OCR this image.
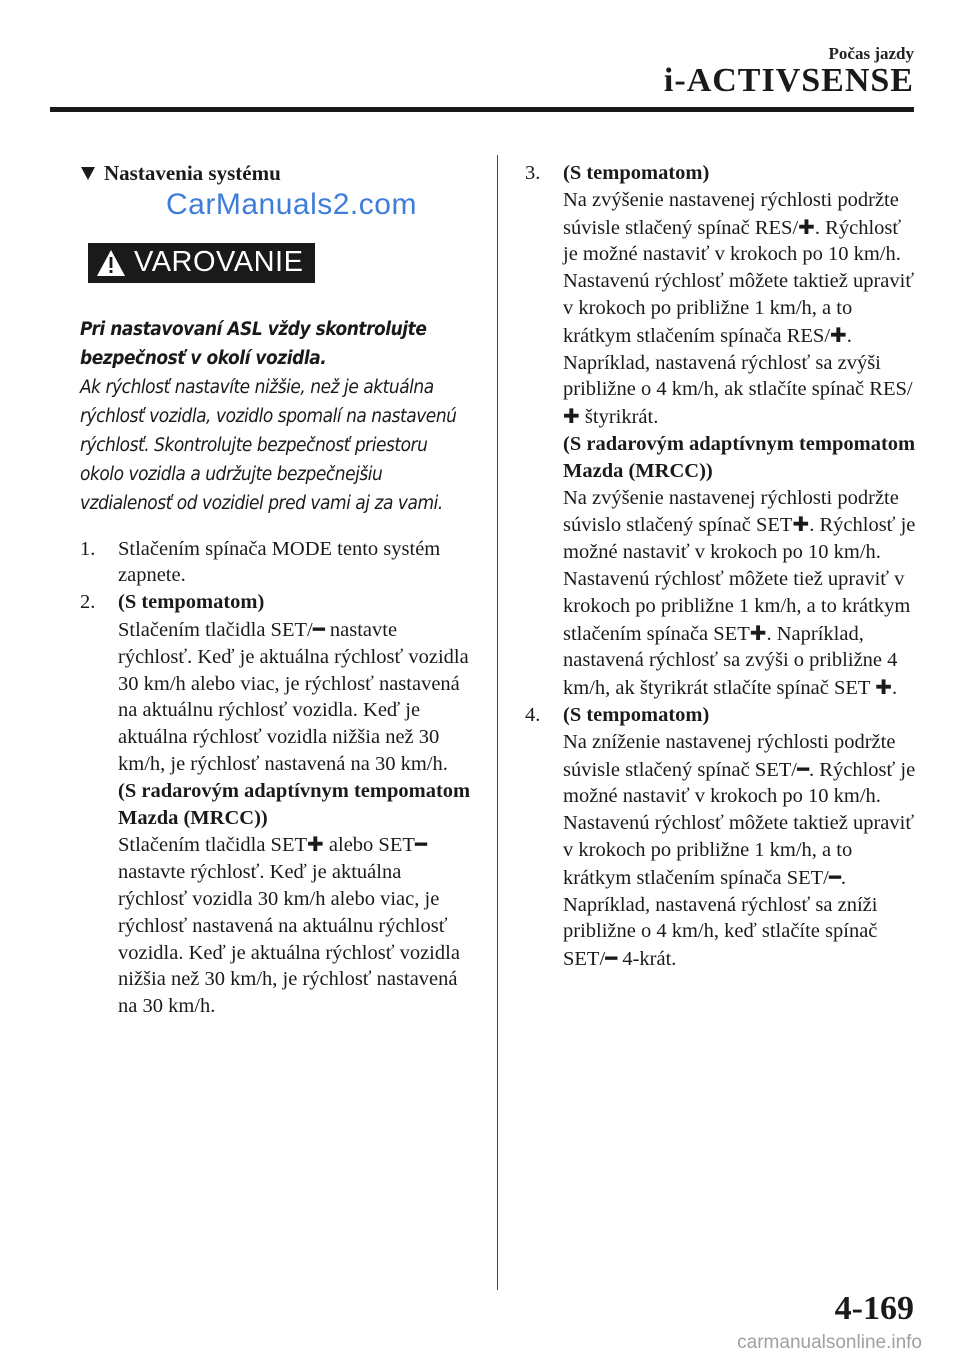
Počas jazdy
i-ACTIVSENSE
CarManuals2.com
Nastavenia systému
VAROVANIE

Pri nastavovaní ASL vždy skontrolujte bezpečnosť v okolí vozidla.

Ak rýchlosť nastavíte nižšie, než je aktuálna rýchlosť vozidla, vozidlo spomalí na nastavenú rýchlosť. Skontrolujte bezpečnosť priestoru okolo vozidla a udržujte bezpečnejšiu vzdialenosť od vozidiel pred vami aj za vami.

1.	Stlačením spínača MODE tento systém zapnete.
2.	(S tempomatom)

Stlačením tlačidla SET/━ nastavte rýchlosť. Keď je aktuálna rýchlosť vozidla 30 km/h alebo viac, je rýchlosť nastavená na aktuálnu rýchlosť vozidla. Keď je aktuálna rýchlosť vozidla nižšia než 30 km/h, je rýchlosť nastavená na 30 km/h.

(S radarovým adaptívnym tempomatom Mazda (MRCC))

Stlačením tlačidla SET✚ alebo SET━ nastavte rýchlosť. Keď je aktuálna rýchlosť vozidla 30 km/h alebo viac, je rýchlosť nastavená na aktuálnu rýchlosť vozidla. Keď je aktuálna rýchlosť vozidla nižšia než 30 km/h, je rýchlosť nastavená na 30 km/h.

3.	(S tempomatom)

Na zvýšenie nastavenej rýchlosti podržte súvisle stlačený spínač RES/✚. Rýchlosť je možné nastaviť v krokoch po 10 km/h. Nastavenú rýchlosť môžete taktiež upraviť v krokoch po približne 1 km/h, a to krátkym stlačením spínača RES/✚. Napríklad, nastavená rýchlosť sa zvýši približne o 4 km/h, ak stlačíte spínač RES/✚ štyrikrát.

(S radarovým adaptívnym tempomatom Mazda (MRCC))

Na zvýšenie nastavenej rýchlosti podržte súvislo stlačený spínač SET✚. Rýchlosť je možné nastaviť v krokoch po 10 km/h. Nastavenú rýchlosť môžete tiež upraviť v krokoch po približne 1 km/h, a to krátkym stlačením spínača SET✚. Napríklad, nastavená rýchlosť sa zvýši o približne 4 km/h, ak štyrikrát stlačíte spínač SET ✚.

4.	(S tempomatom)

Na zníženie nastavenej rýchlosti podržte súvisle stlačený spínač SET/━. Rýchlosť je možné nastaviť v krokoch po 10 km/h. Nastavenú rýchlosť môžete taktiež upraviť v krokoch po približne 1 km/h, a to krátkym stlačením spínača SET/━. Napríklad, nastavená rýchlosť sa zníži približne o 4 km/h, keď stlačíte spínač SET/━ 4-krát.

4-169
carmanualsonline.info
